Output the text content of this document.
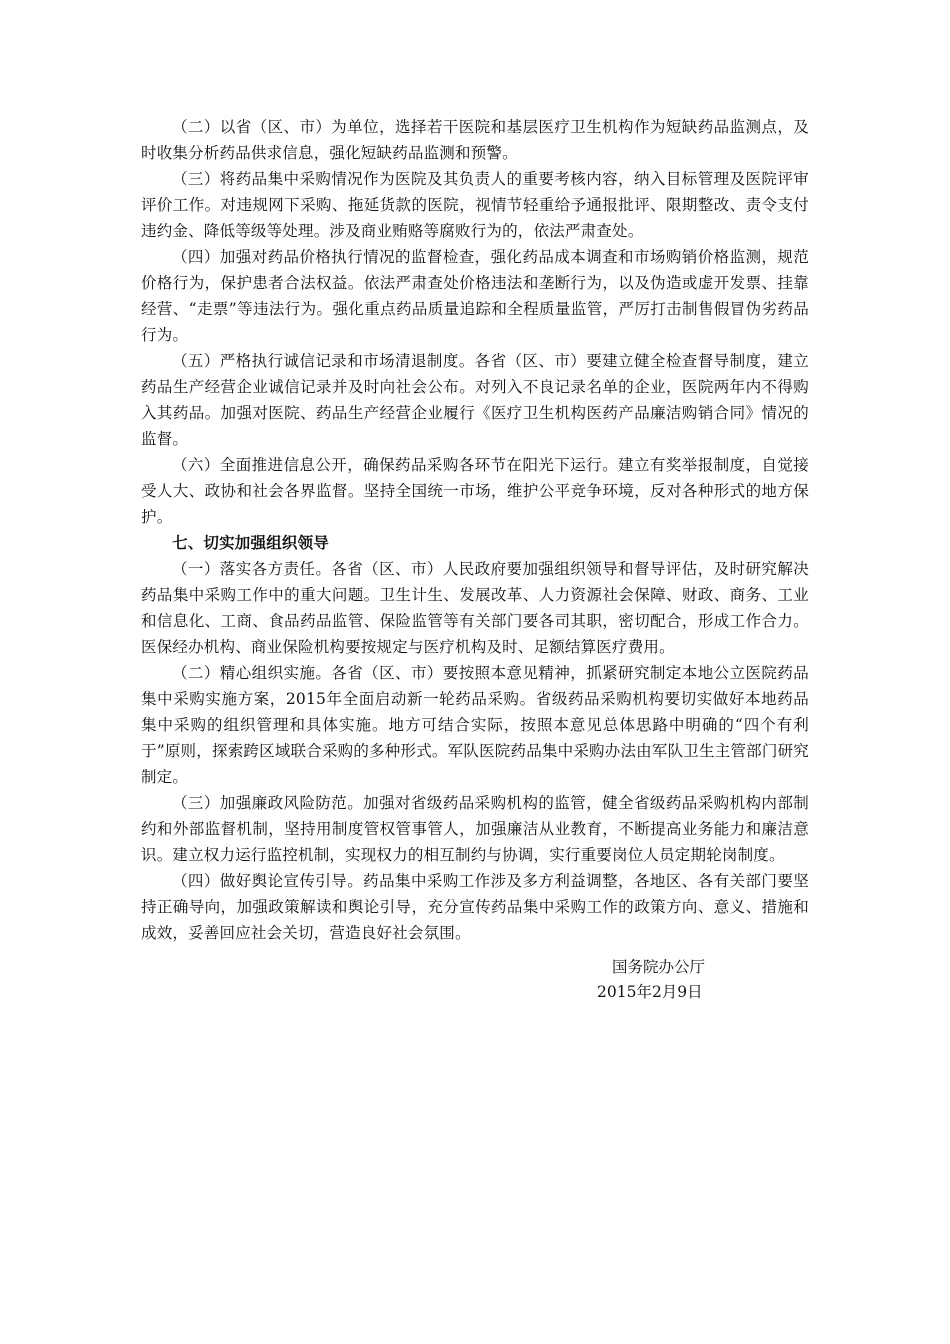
（二）以省（区、市）为单位，选择若干医院和基层医疗卫生机构作为短缺药品监测点，及时收集分析药品供求信息，强化短缺药品监测和预警。

（三）将药品集中采购情况作为医院及其负责人的重要考核内容，纳入目标管理及医院评审评价工作。对违规网下采购、拖延货款的医院，视情节轻重给予通报批评、限期整改、责令支付违约金、降低等级等处理。涉及商业贿赂等腐败行为的，依法严肃查处。

（四）加强对药品价格执行情况的监督检查，强化药品成本调查和市场购销价格监测，规范价格行为，保护患者合法权益。依法严肃查处价格违法和垄断行为，以及伪造或虚开发票、挂靠经营、“走票”等违法行为。强化重点药品质量追踪和全程质量监管，严厉打击制售假冒伪劣药品行为。

（五）严格执行诚信记录和市场清退制度。各省（区、市）要建立健全检查督导制度，建立药品生产经营企业诚信记录并及时向社会公布。对列入不良记录名单的企业，医院两年内不得购入其药品。加强对医院、药品生产经营企业履行《医疗卫生机构医药产品廉洁购销合同》情况的监督。

（六）全面推进信息公开，确保药品采购各环节在阳光下运行。建立有奖举报制度，自觉接受人大、政协和社会各界监督。坚持全国统一市场，维护公平竞争环境，反对各种形式的地方保护。

七、切实加强组织领导

（一）落实各方责任。各省（区、市）人民政府要加强组织领导和督导评估，及时研究解决药品集中采购工作中的重大问题。卫生计生、发展改革、人力资源社会保障、财政、商务、工业和信息化、工商、食品药品监管、保险监管等有关部门要各司其职，密切配合，形成工作合力。医保经办机构、商业保险机构要按规定与医疗机构及时、足额结算医疗费用。

（二）精心组织实施。各省（区、市）要按照本意见精神，抓紧研究制定本地公立医院药品集中采购实施方案，2015年全面启动新一轮药品采购。省级药品采购机构要切实做好本地药品集中采购的组织管理和具体实施。地方可结合实际，按照本意见总体思路中明确的“四个有利于”原则，探索跨区域联合采购的多种形式。军队医院药品集中采购办法由军队卫生主管部门研究制定。

（三）加强廉政风险防范。加强对省级药品采购机构的监管，健全省级药品采购机构内部制约和外部监督机制，坚持用制度管权管事管人，加强廉洁从业教育，不断提高业务能力和廉洁意识。建立权力运行监控机制，实现权力的相互制约与协调，实行重要岗位人员定期轮岗制度。

（四）做好舆论宣传引导。药品集中采购工作涉及多方利益调整，各地区、各有关部门要坚持正确导向，加强政策解读和舆论引导，充分宣传药品集中采购工作的政策方向、意义、措施和成效，妥善回应社会关切，营造良好社会氛围。

国务院办公厅
2015年2月9日
